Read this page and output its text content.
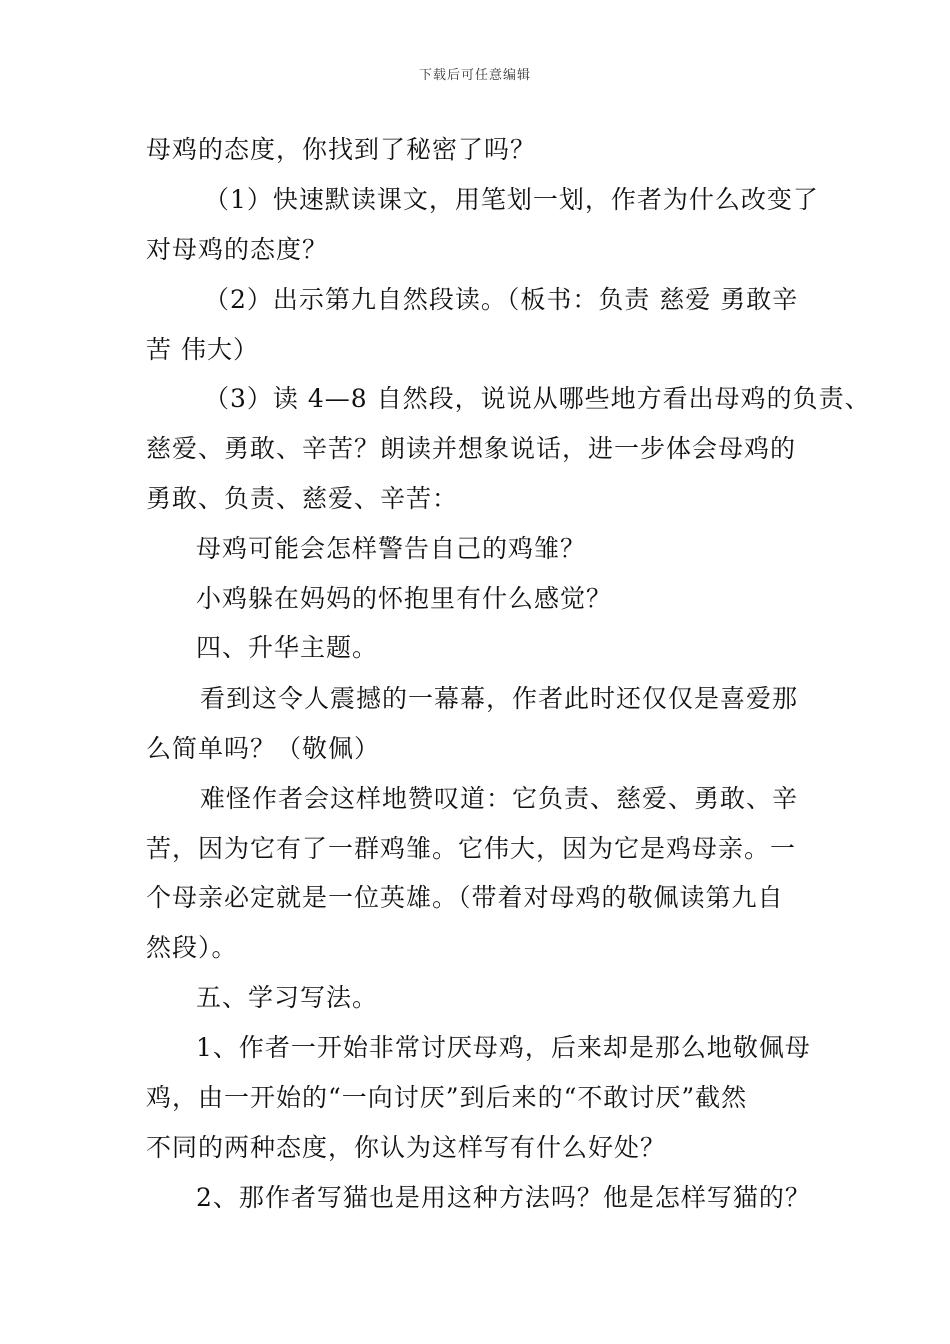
下载后可任意编辑
母鸡的态度，你找到了秘密了吗？
（1）快速默读课文，用笔划一划，作者为什么改变了
对母鸡的态度？
（2）出示第九自然段读。（板书：负责 慈爱 勇敢辛
苦 伟大）
（3）读 4—8 自然段，说说从哪些地方看出母鸡的负责、
慈爱、勇敢、辛苦？朗读并想象说话，进一步体会母鸡的
勇敢、负责、慈爱、辛苦：
母鸡可能会怎样警告自己的鸡雏？
小鸡躲在妈妈的怀抱里有什么感觉？
四、升华主题。
看到这令人震撼的一幕幕，作者此时还仅仅是喜爱那
么简单吗？（敬佩）
难怪作者会这样地赞叹道：它负责、慈爱、勇敢、辛
苦，因为它有了一群鸡雏。它伟大，因为它是鸡母亲。一
个母亲必定就是一位英雄。（带着对母鸡的敬佩读第九自
然段）。
五、学习写法。
1、作者一开始非常讨厌母鸡，后来却是那么地敬佩母
鸡，由一开始的“一向讨厌”到后来的“不敢讨厌”截然
不同的两种态度，你认为这样写有什么好处？
2、那作者写猫也是用这种方法吗？他是怎样写猫的？
